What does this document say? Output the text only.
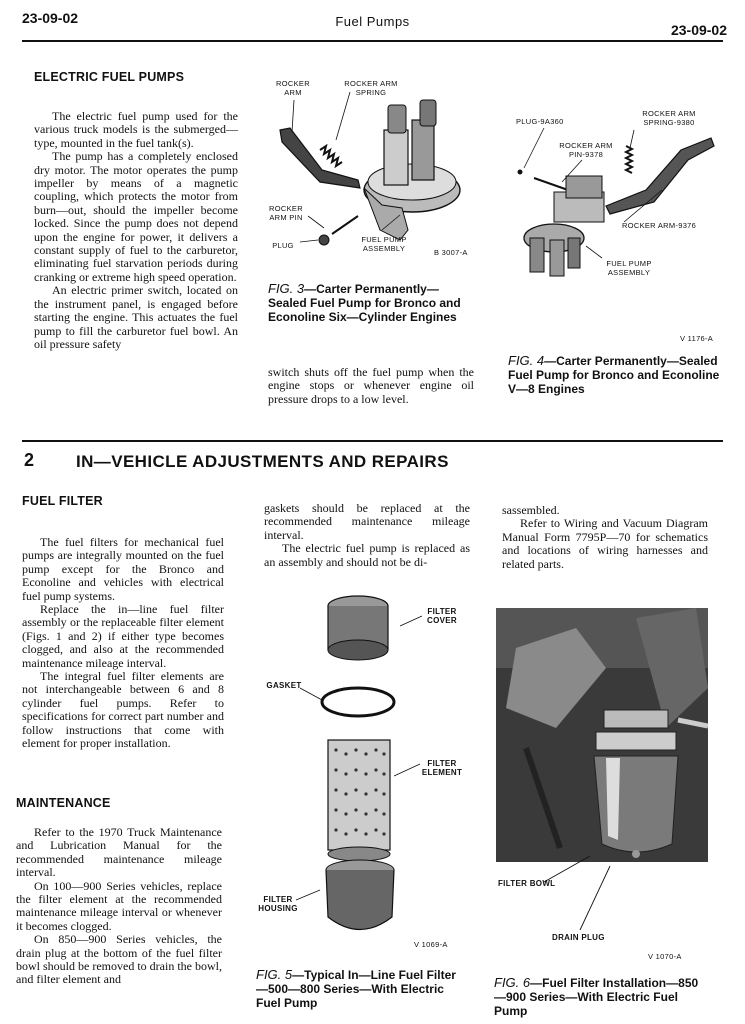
23-09-02	Fuel Pumps
23-09-02
ELECTRIC FUEL PUMPS

The electric fuel pump used for the various truck models is the submerged—type, mounted in the fuel tank(s).

The pump has a completely enclosed dry motor. The motor operates the pump impeller by means of a magnetic coupling, which protects the motor from burn—out, should the impeller become locked. Since the pump does not depend upon the engine for power, it delivers a constant supply of fuel to the carburetor, eliminating fuel starvation periods during cranking or extreme high speed operation.

An electric primer switch, located on the instrument panel, is engaged before starting the engine. This actuates the fuel pump to fill the carburetor fuel bowl. An oil pressure safety

switch shuts off the fuel pump when the engine stops or whenever engine oil pressure drops to a low level.

ROCKER ARM
ROCKER ARM SPRING
ROCKER ARM PIN
PLUG
FUEL PUMP ASSEMBLY	B 3007-A
FIG. 3—Carter Permanently—Sealed Fuel Pump for Bronco and Econoline Six—Cylinder Engines
PLUG-9A360
ROCKER ARM SPRING-9380
ROCKER ARM PIN-9378
ROCKER ARM-9376
FUEL PUMP ASSEMBLY
V 1176-A
FIG. 4—Carter Permanently—Sealed Fuel Pump for Bronco and Econoline V—8 Engines
2 IN—VEHICLE ADJUSTMENTS AND REPAIRS
FUEL FILTER

The fuel filters for mechanical fuel pumps are integrally mounted on the fuel pump except for the Bronco and Econoline and vehicles with electrical fuel pump systems.

Replace the in—line fuel filter assembly or the replaceable filter element (Figs. 1 and 2) if either type becomes clogged, and also at the recommended maintenance mileage interval.

The integral fuel filter elements are not interchangeable between 6 and 8 cylinder fuel pumps. Refer to specifications for correct part number and follow instructions that come with element for proper installation.

MAINTENANCE

Refer to the 1970 Truck Maintenance and Lubrication Manual for the recommended maintenance mileage interval.

On 100—900 Series vehicles, replace the filter element at the recommended maintenance mileage interval or whenever it becomes clogged.

On 850—900 Series vehicles, the drain plug at the bottom of the fuel filter bowl should be removed to drain the bowl, and filter element and

gaskets should be replaced at the recommended maintenance mileage interval.

The electric fuel pump is replaced as an assembly and should not be di-

sassembled.

Refer to Wiring and Vacuum Diagram Manual Form 7795P—70 for schematics and locations of wiring harnesses and related parts.

FILTER COVER
GASKET
FILTER ELEMENT
FILTER HOUSING
V 1069-A
FIG. 5—Typical In—Line Fuel Filter—500—800 Series—With Electric Fuel Pump
FILTER BOWL
DRAIN PLUG
V 1070-A
FIG. 6—Fuel Filter Installation—850—900 Series—With Electric Fuel Pump
